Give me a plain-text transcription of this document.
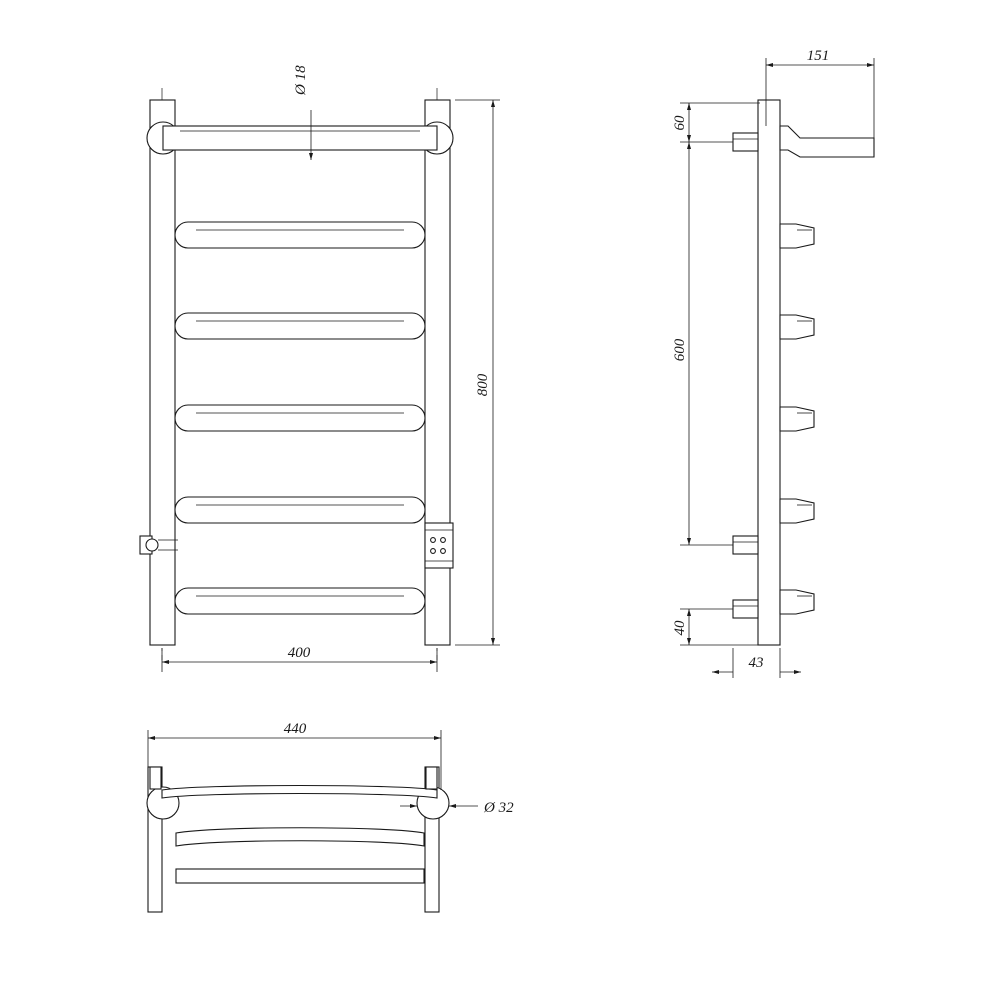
Ø 18
800
400
151
60
600
40
43
440
Ø 32
